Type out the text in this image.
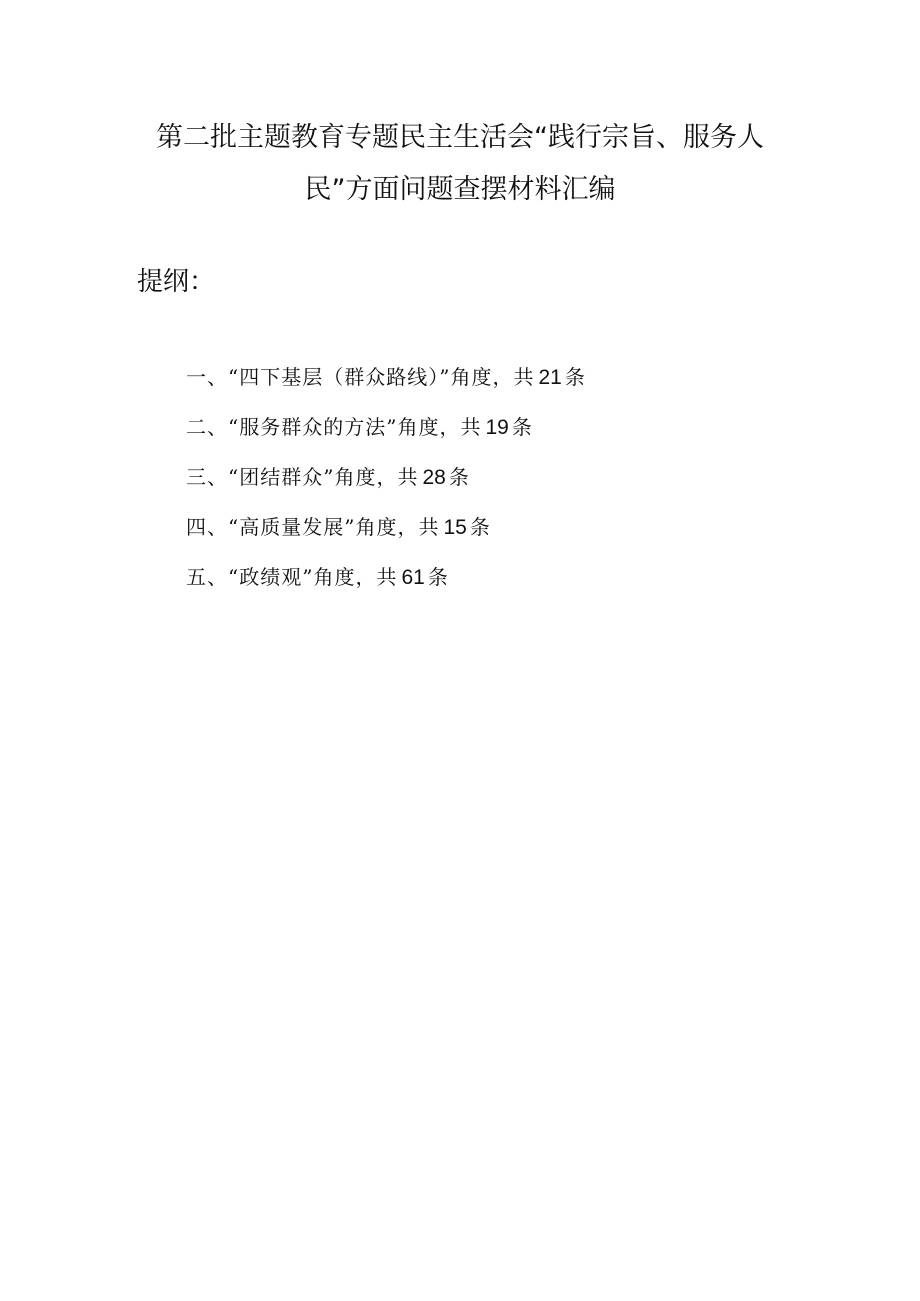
第二批主题教育专题民主生活会“践行宗旨、服务人
民”方面问题查摆材料汇编

提纲：

一、“四下基层（群众路线）”角度，共 21 条
二、“服务群众的方法”角度，共 19 条
三、“团结群众”角度，共 28 条
四、“高质量发展”角度，共 15 条
五、“政绩观”角度，共 61 条
